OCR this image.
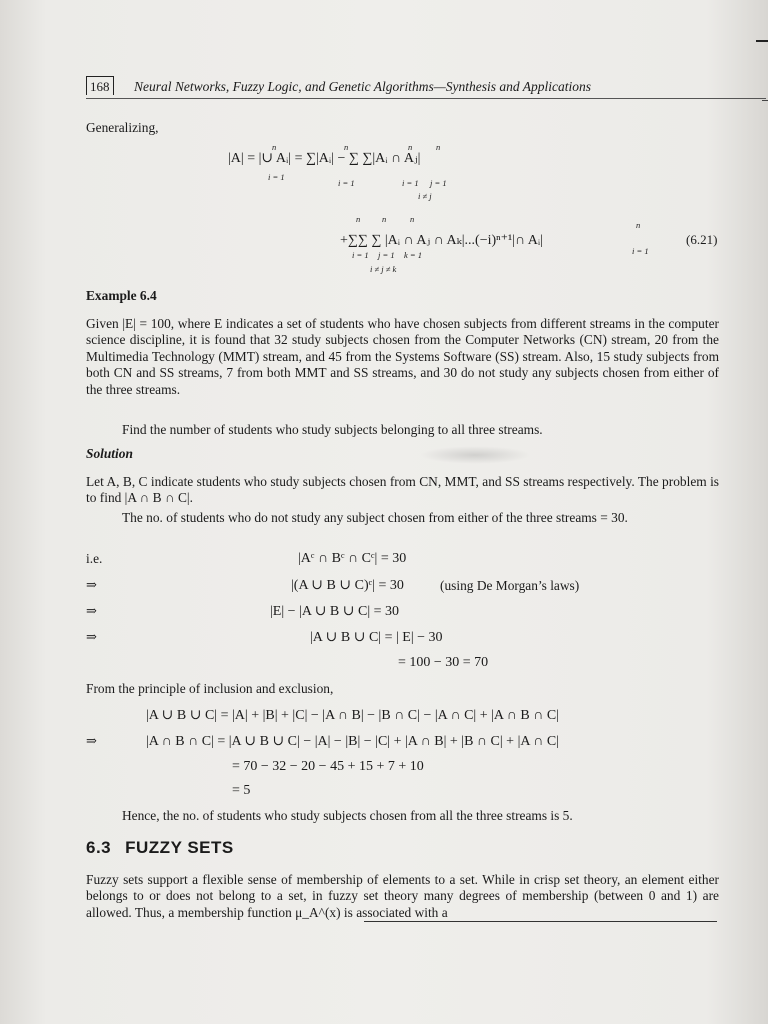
168 Neural Networks, Fuzzy Logic, and Genetic Algorithms—Synthesis and Applications
Generalizing,
|A| = |∪ Aᵢ| = ∑|Aᵢ| − ∑ ∑|Aᵢ ∩ Aⱼ|
n	n	n	n
i = 1
i = 1	i = 1 j = 1
i ≠ j
+∑∑ ∑ |Aᵢ ∩ Aⱼ ∩ Aₖ|...(−i)ⁿ⁺¹|∩ Aᵢ|
n	n	n
n
i = 1 j = 1 k = 1	i = 1
i ≠ j ≠ k
(6.21)
Example 6.4
Given |E| = 100, where E indicates a set of students who have chosen subjects from different streams in the computer science discipline, it is found that 32 study subjects chosen from the Computer Networks (CN) stream, 20 from the Multimedia Technology (MMT) stream, and 45 from the Systems Software (SS) stream. Also, 15 study subjects from both CN and SS streams, 7 from both MMT and SS streams, and 30 do not study any subjects chosen from either of the three streams.
Find the number of students who study subjects belonging to all three streams.
Solution
Let A, B, C indicate students who study subjects chosen from CN, MMT, and SS streams respectively. The problem is to find |A ∩ B ∩ C|.
The no. of students who do not study any subject chosen from either of the three streams = 30.
i.e.	|Aᶜ ∩ Bᶜ ∩ Cᶜ| = 30
⇒	|(A ∪ B ∪ C)ᶜ| = 30	(using De Morgan’s laws)
⇒	|E| − |A ∪ B ∪ C| = 30
⇒	|A ∪ B ∪ C| = | E| − 30
= 100 − 30 = 70
From the principle of inclusion and exclusion,
|A ∪ B ∪ C| = |A| + |B| + |C| − |A ∩ B| − |B ∩ C| − |A ∩ C| + |A ∩ B ∩ C|
⇒	|A ∩ B ∩ C| = |A ∪ B ∪ C| − |A| − |B| − |C| + |A ∩ B| + |B ∩ C| + |A ∩ C|
= 70 − 32 − 20 − 45 + 15 + 7 + 10
= 5
Hence, the no. of students who study subjects chosen from all the three streams is 5.
6.3 FUZZY SETS
Fuzzy sets support a flexible sense of membership of elements to a set. While in crisp set theory, an element either belongs to or does not belong to a set, in fuzzy set theory many degrees of membership (between 0 and 1) are allowed. Thus, a membership function μ_A^(x) is associated with a
